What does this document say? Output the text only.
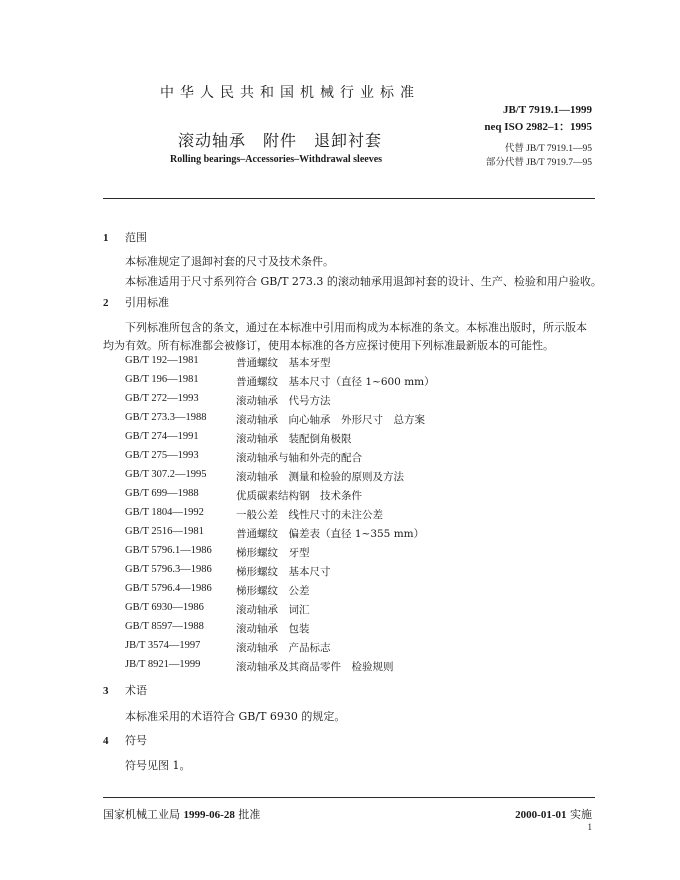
中华人民共和国机械行业标准
滚动轴承　附件　退卸衬套
Rolling bearings–Accessories–Withdrawal sleeves
JB/T 7919.1—1999
neq ISO 2982–1：1995
代替 JB/T 7919.1—95
部分代替 JB/T 7919.7—95
1 范围
本标准规定了退卸衬套的尺寸及技术条件。
本标准适用于尺寸系列符合 GB/T 273.3 的滚动轴承用退卸衬套的设计、生产、检验和用户验收。
2 引用标准
下列标准所包含的条文，通过在本标准中引用而构成为本标准的条文。本标准出版时，所示版本均为有效。所有标准都会被修订，使用本标准的各方应探讨使用下列标准最新版本的可能性。
GB/T 192—1981	普通螺纹　基本牙型
GB/T 196—1981	普通螺纹　基本尺寸（直径 1~600 mm）
GB/T 272—1993	滚动轴承　代号方法
GB/T 273.3—1988	滚动轴承　向心轴承　外形尺寸　总方案
GB/T 274—1991	滚动轴承　装配倒角极限
GB/T 275—1993	滚动轴承与轴和外壳的配合
GB/T 307.2—1995	滚动轴承　测量和检验的原则及方法
GB/T 699—1988	优质碳素结构钢　技术条件
GB/T 1804—1992	一般公差　线性尺寸的未注公差
GB/T 2516—1981	普通螺纹　偏差表（直径 1~355 mm）
GB/T 5796.1—1986	梯形螺纹　牙型
GB/T 5796.3—1986	梯形螺纹　基本尺寸
GB/T 5796.4—1986	梯形螺纹　公差
GB/T 6930—1986	滚动轴承　词汇
GB/T 8597—1988	滚动轴承　包装
JB/T 3574—1997	滚动轴承　产品标志
JB/T 8921—1999	滚动轴承及其商品零件　检验规则
3 术语
本标准采用的术语符合 GB/T 6930 的规定。
4 符号
符号见图 1。
国家机械工业局 1999-06-28 批准	2000-01-01 实施
1
